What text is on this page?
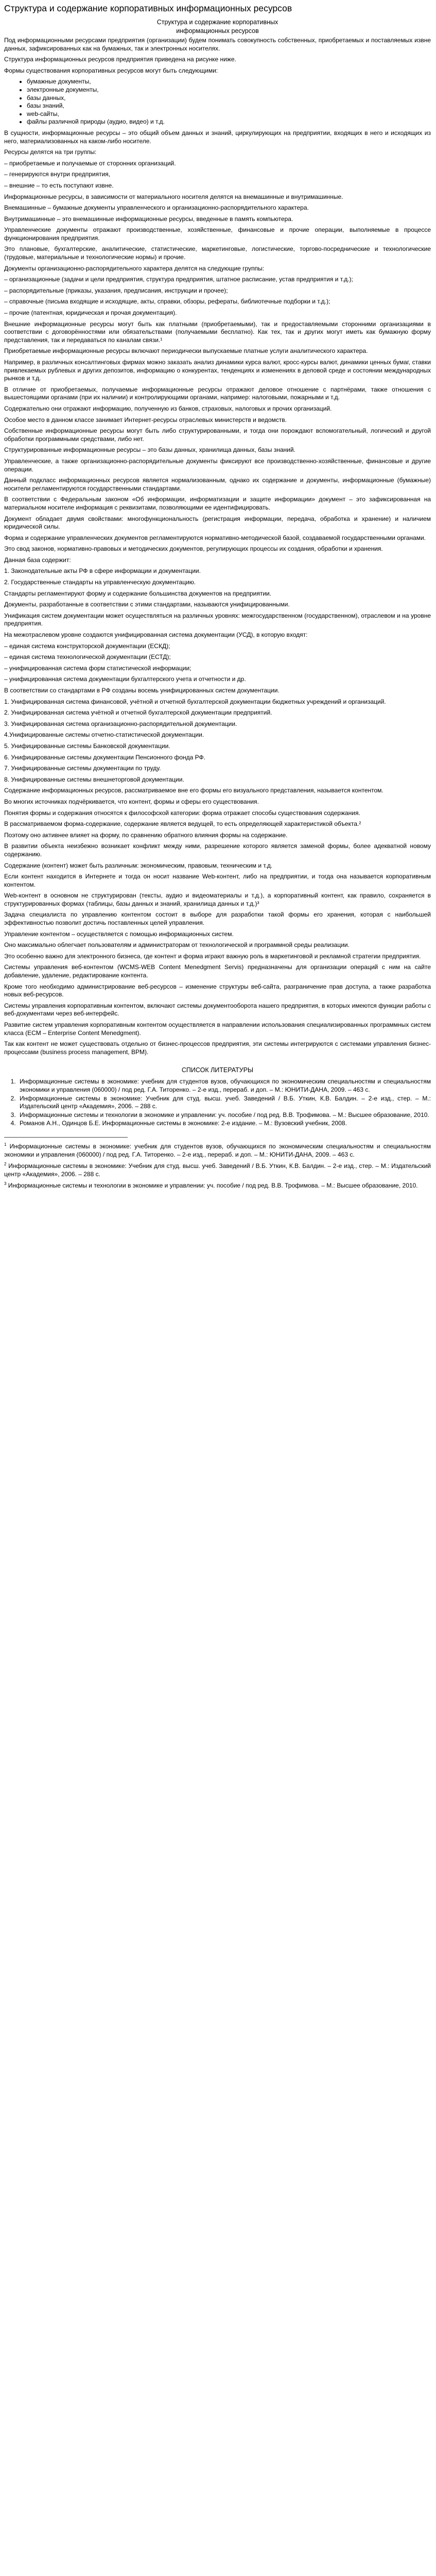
Структура и содержание корпоративных информационных ресурсов
Структура и содержание корпоративных
информационных ресурсов

Под информационными ресурсами предприятия (организации) будем понимать совокупность собственных, приобретаемых и поставляемых извне данных, зафиксированных как на бумажных, так и электронных носителях.

Структура информационных ресурсов предприятия приведена на рисунке ниже.

Формы существования корпоративных ресурсов могут быть следующими:

• бумажные документы,
• электронные документы,
• базы данных,
• базы знаний,
• web-сайты,
• файлы различной природы (аудио, видео) и т.д.

В сущности, информационные ресурсы – это общий объем данных и знаний, циркулирующих на предприятии, входящих в него и исходящих из него, материализованных на каком-либо носителе.

Ресурсы делятся на три группы:

– приобретаемые и получаемые от сторонних организаций.

– генерируются внутри предприятия,

– внешние – то есть поступают извне.

Информационные ресурсы, в зависимости от материального носителя делятся на внемашинные и внутримашинные.

Внемашинные – бумажные документы управленческого и организационно-распорядительного характера.

Внутримашинные – это внемашинные информационные ресурсы, введенные в память компьютера.

Управленческие документы отражают производственные, хозяйственные, финансовые и прочие операции, выполняемые в процессе функционирования предприятия.

Это плановые, бухгалтерские, аналитические, статистические, маркетинговые, логистические, торгово-посреднические и технологические (трудовые, материальные и технологические нормы) и прочие.

Документы организационно-распорядительного характера делятся на следующие группы:

– организационные (задачи и цели предприятия, структура предприятия, штатное расписание, устав предприятия и т.д.);

– распорядительные (приказы, указания, предписания, инструкции и прочее);

– справочные (письма входящие и исходящие, акты, справки, обзоры, рефераты, библиотечные подборки и т.д.);

– прочие (патентная, юридическая и прочая документация).

Внешние информационные ресурсы могут быть как платными (приобретаемыми), так и предоставляемыми сторонними организациями в соответствии с договорённостями или обязательствами (получаемыми бесплатно). Как тех, так и других могут иметь как бумажную форму представления, так и передаваться по каналам связи.¹

Приобретаемые информационные ресурсы включают периодически выпускаемые платные услуги аналитического характера.

Например, в различных консалтинговых фирмах можно заказать анализ динамики курса валют, кросс-курсы валют, динамики ценных бумаг, ставки привлекаемых рублевых и других депозитов, информацию о конкурентах, тенденциях и изменениях в деловой среде и состоянии международных рынков и т.д.

В отличие от приобретаемых, получаемые информационные ресурсы отражают деловое отношение с партнёрами, также отношения с вышестоящими органами (при их наличии) и контролирующими органами, например: налоговыми, пожарными и т.д.

Содержательно они отражают информацию, полученную из банков, страховых, налоговых и прочих организаций.

Особое место в данном классе занимает Интернет-ресурсы отраслевых министерств и ведомств.

Собственные информационные ресурсы могут быть либо структурированными, и тогда они порождают вспомогательный, логический и другой обработки программными средствами, либо нет.

Структурированные информационные ресурсы – это базы данных, хранилища данных, базы знаний.

Управленческие, а также организационно-распорядительные документы фиксируют все производственно-хозяйственные, финансовые и другие операции.

Данный подкласс информационных ресурсов является нормализованным, однако их содержание и документы, информационные (бумажные) носители регламентируются государственными стандартами.

В соответствии с Федеральным законом «Об информации, информатизации и защите информации» документ – это зафиксированная на материальном носителе информация с реквизитами, позволяющими ее идентифицировать.

Документ обладает двумя свойствами: многофункциональность (регистрация информации, передача, обработка и хранение) и наличием юридической силы.

Форма и содержание управленческих документов регламентируются нормативно-методической базой, создаваемой государственными органами.

Это свод законов, нормативно-правовых и методических документов, регулирующих процессы их создания, обработки и хранения.

Данная база содержит:

1. Законодательные акты РФ в сфере информации и документации.

2. Государственные стандарты на управленческую документацию.

Стандарты регламентируют форму и содержание большинства документов на предприятии.

Документы, разработанные в соответствии с этими стандартами, называются унифицированными.

Унификация систем документации может осуществляться на различных уровнях: межгосударственном (государственном), отраслевом и на уровне предприятия.

На межотраслевом уровне создаются унифицированная система документации (УСД), в которую входят:

– единая система конструкторской документации (ЕСКД);

– единая система технологической документации (ЕСТД);

– унифицированная система форм статистической информации;

– унифицированная система документации бухгалтерского учета и отчетности и др.

В соответствии со стандартами в РФ созданы восемь унифицированных систем документации.

1. Унифицированная система финансовой, учётной и отчетной бухгалтерской документации бюджетных учреждений и организаций.

2. Унифицированная система учётной и отчетной бухгалтерской документации предприятий.

3. Унифицированная система организационно-распорядительной документации.

4.Унифицированные системы отчетно-статистической документации.

5. Унифицированные системы Банковской документации.

6. Унифицированные системы документации Пенсионного фонда РФ.

7. Унифицированные системы документации по труду.

8. Унифицированные системы внешнеторговой документации.

Содержание информационных ресурсов, рассматриваемое вне его формы его визуального представления, называется контентом.

Во многих источниках подчёркивается, что контент, формы и сферы его существования.

Понятия формы и содержания относятся к философской категории: форма отражает способы существования содержания.

В рассматриваемом форма-содержание, содержание является ведущей, то есть определяющей характеристикой объекта.²

Поэтому оно активнее влияет на форму, по сравнению обратного влияния формы на содержание.

В развитии объекта неизбежно возникает конфликт между ними, разрешение которого является заменой формы, более адекватной новому содержанию.

Содержание (контент) может быть различным: экономическим, правовым, техническим и т.д.

Если контент находится в Интернете и тогда он носит название Web-контент, либо на предприятии, и тогда она называется корпоративным контентом.

Web-контент в основном не структурирован (тексты, аудио и видеоматериалы и т.д.), а корпоративный контент, как правило, сохраняется в структурированных формах (таблицы, базы данных и знаний, хранилища данных и т.д.)³

Задача специалиста по управлению контентом состоит в выборе для разработки такой формы его хранения, которая с наибольшей эффективностью позволит достичь поставленных целей управления.

Управление контентом – осуществляется с помощью информационных систем.

Оно максимально облегчает пользователям и администраторам от технологической и программной среды реализации.

Это особенно важно для электронного бизнеса, где контент и форма играют важную роль в маркетинговой и рекламной стратегии предприятия.

Системы управления веб-контентом (WCMS-WEB Content Menedgment Servis) предназначены для организации операций с ним на сайте добавление, удаление, редактирование контента.

Кроме того необходимо администрирование веб-ресурсов – изменение структуры веб-сайта, разграничение прав доступа, а также разработка новых веб-ресурсов.

Системы управления корпоративным контентом, включают системы документооборота нашего предприятия, в которых имеются функции работы с веб-документами через веб-интерфейс.

Развитие систем управления корпоративным контентом осуществляется в направлении использования специализированных программных систем класса (ECM – Enterprise Content Menedgment).

Так как контент не может существовать отдельно от бизнес-процессов предприятия, эти системы интегрируются с системами управления бизнес-процессами (business process management, BPM).

СПИСОК ЛИТЕРАТУРЫ
1. Информационные системы в экономике: учебник для студентов вузов, обучающихся по экономическим специальностям и специальностям экономики и управления (060000) / под ред. Г.А. Титоренко. – 2-е изд., перераб. и доп. – М.: ЮНИТИ-ДАНА, 2009. – 463 с.
2. Информационные системы в экономике: Учебник для студ. высш. учеб. Заведений / В.Б. Уткин, К.В. Балдин. – 2-е изд., стер. – М.: Издательский центр «Академия», 2006. – 288 с.
3. Информационные системы и технологии в экономике и управлении: уч. пособие / под ред. В.В. Трофимова. – М.: Высшее образование, 2010.
4. Романов А.Н., Одинцов Б.Е. Информационные системы в экономике: 2-е издание. – М.: Вузовский учебник, 2008.

$^1$ Информационные системы в экономике: учебник для студентов вузов, обучающихся по экономическим специальностям и специальностям экономики и управления (060000) / под ред. Г.А. Титоренко. – 2-е изд., перераб. и доп. – М.: ЮНИТИ-ДАНА, 2009. – 463 с.

$^2$ Информационные системы в экономике: Учебник для студ. высш. учеб. Заведений / В.Б. Уткин, К.В. Балдин. – 2-е изд., стер. – М.: Издательский центр «Академия», 2006. – 288 с.

$^3$ Информационные системы и технологии в экономике и управлении: уч. пособие / под ред. В.В. Трофимова. – М.: Высшее образование, 2010.
